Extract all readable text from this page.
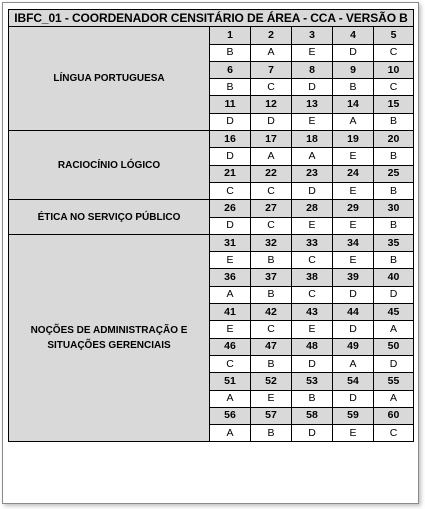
IBFC_01 - COORDENADOR CENSITÁRIO DE ÁREA - CCA - VERSÃO B					
LÍNGUA PORTUGUESA	1	2	3	4	5
	B	A	E	D	C
	6	7	8	9	10
	B	C	D	B	C
	11	12	13	14	15
	D	D	E	A	B
RACIOCÍNIO LÓGICO	16	17	18	19	20
	D	A	A	E	B
	21	22	23	24	25
	C	C	D	E	B
ÉTICA NO SERVIÇO PÚBLICO	26	27	28	29	30
	D	C	E	E	B
NOÇÕES DE ADMINISTRAÇÃO E
SITUAÇÕES GERENCIAIS	31	32	33	34	35
	E	B	C	E	B
	36	37	38	39	40
	A	B	C	D	D
	41	42	43	44	45
	E	C	E	D	A
	46	47	48	49	50
	C	B	D	A	D
	51	52	53	54	55
	A	E	B	D	A
	56	57	58	59	60
	A	B	D	E	C
